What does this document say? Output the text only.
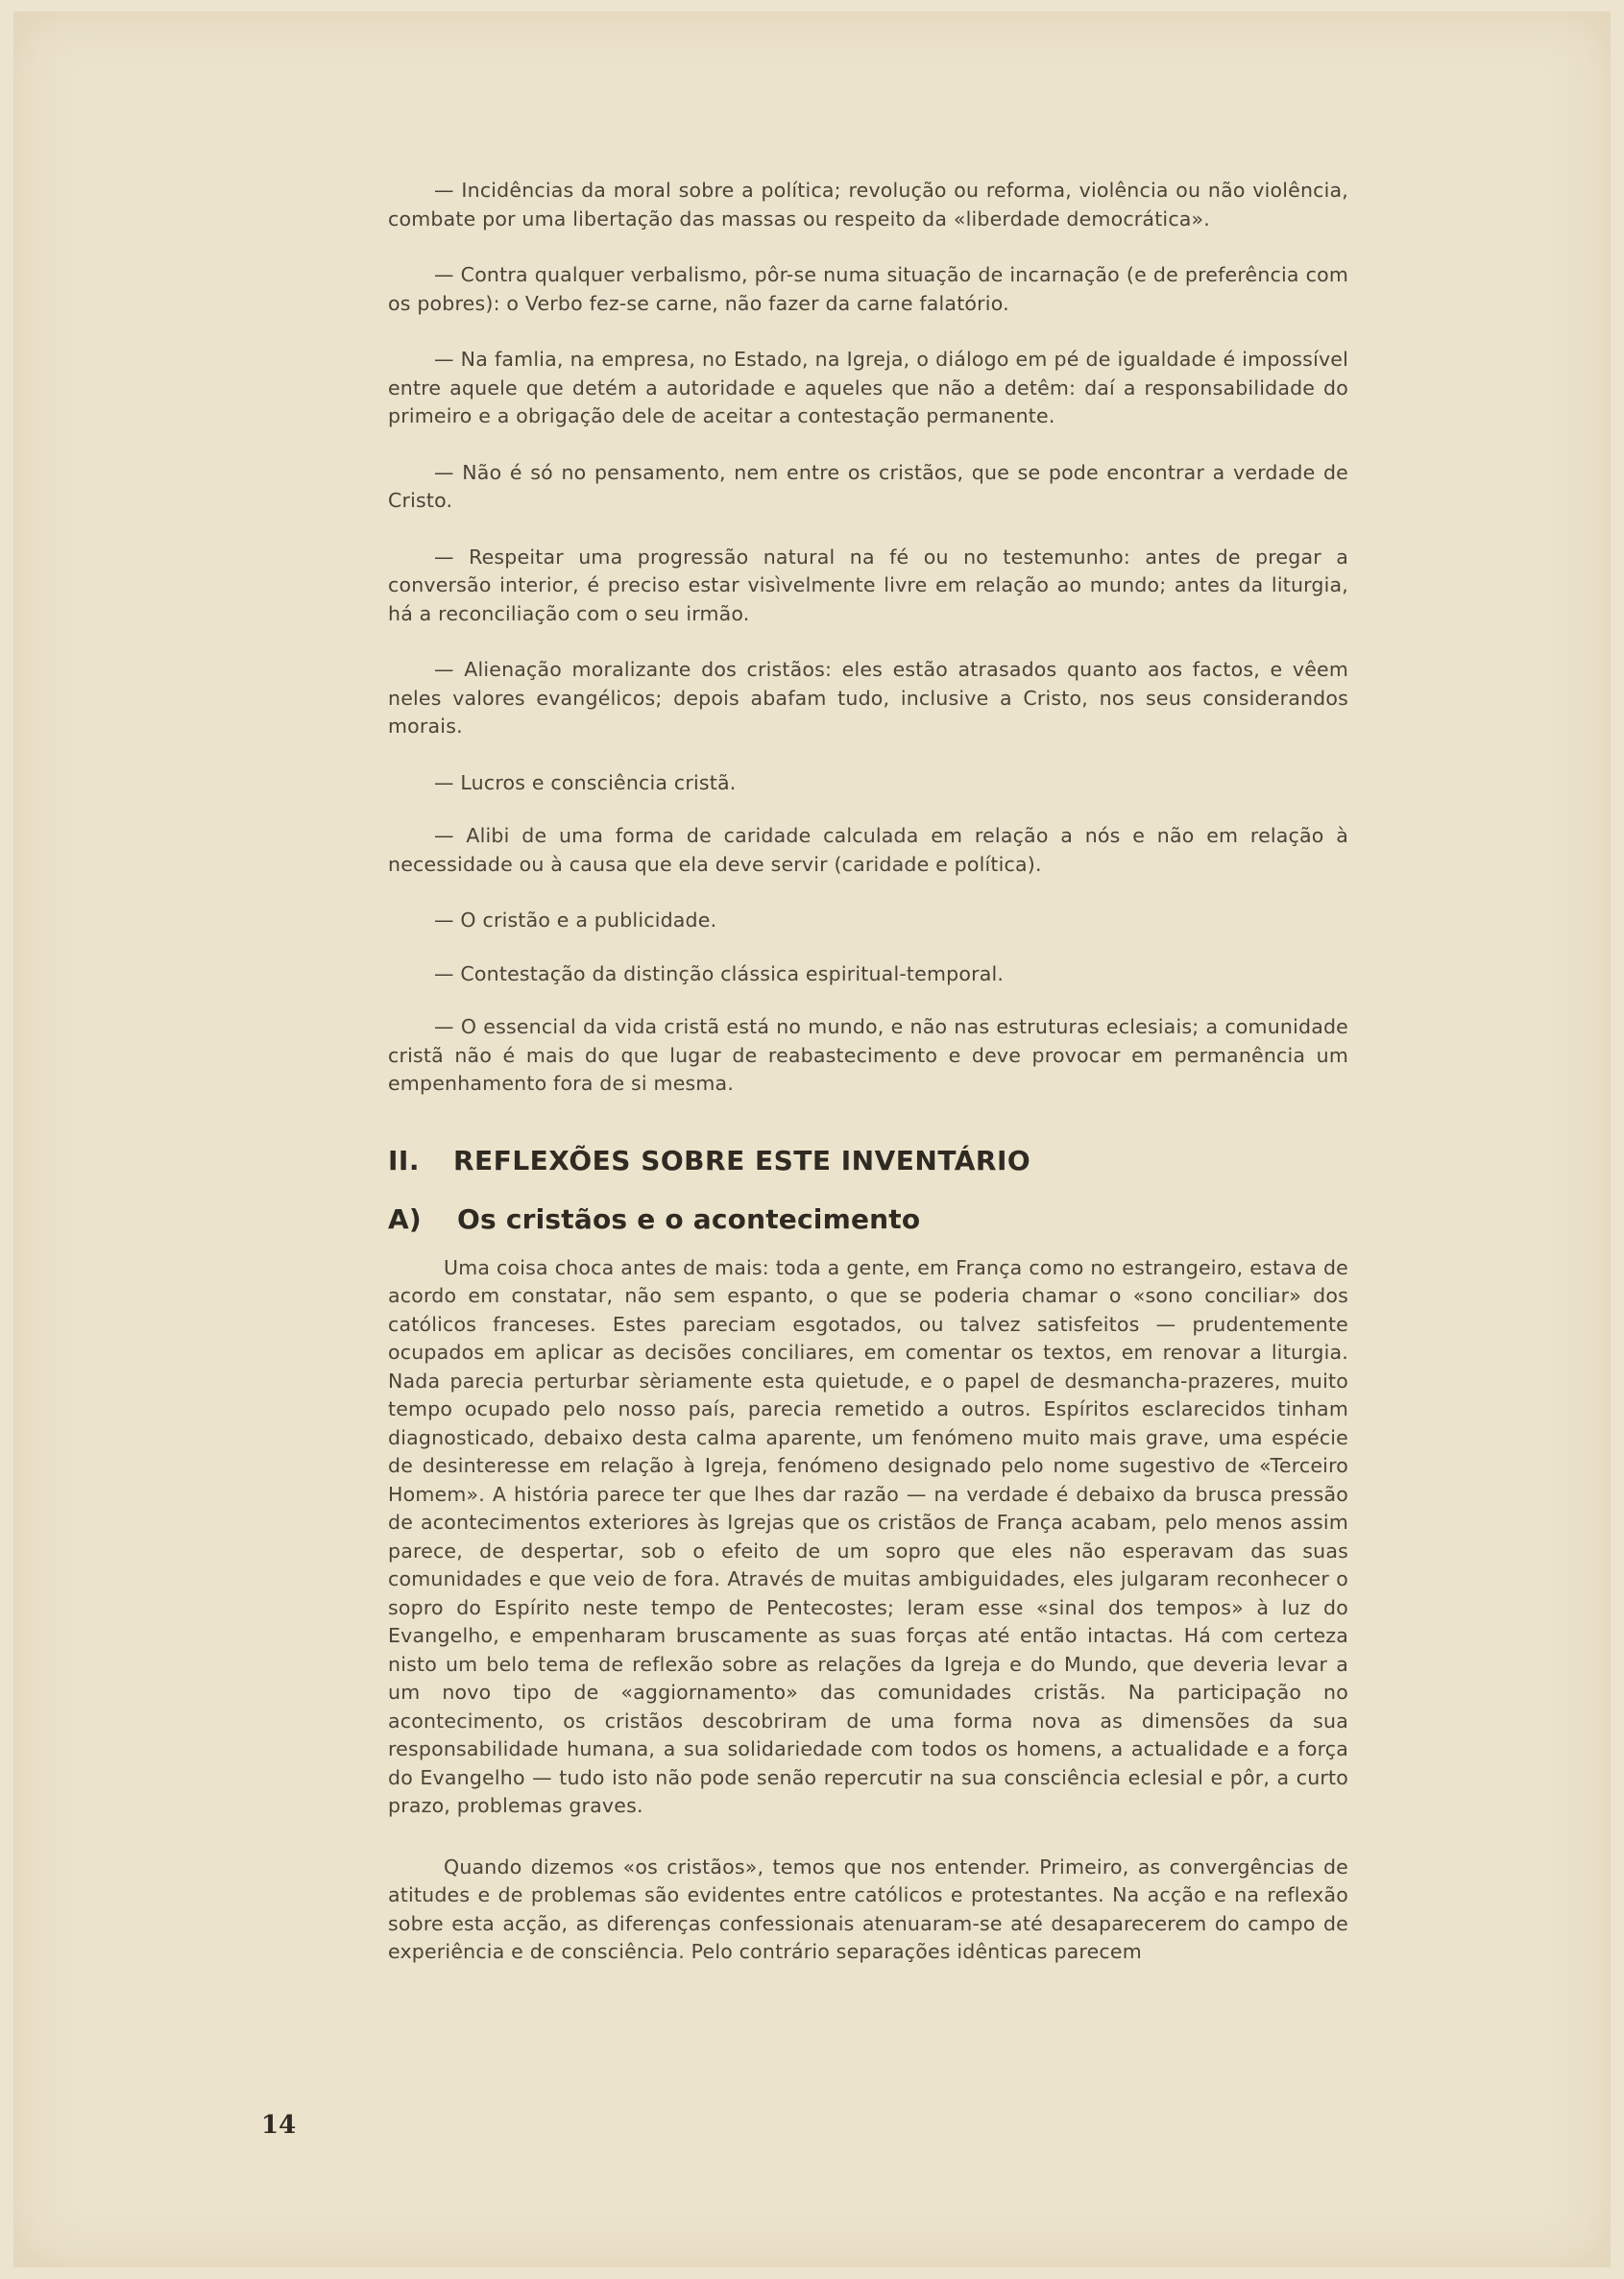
— Incidências da moral sobre a política; revolução ou reforma, violência ou não violência, combate por uma libertação das massas ou respeito da «liberdade democrática».

— Contra qualquer verbalismo, pôr-se numa situação de incarnação (e de preferência com os pobres): o Verbo fez-se carne, não fazer da carne falatório.

— Na famlia, na empresa, no Estado, na Igreja, o diálogo em pé de igualdade é impossível entre aquele que detém a autoridade e aqueles que não a detêm: daí a responsabilidade do primeiro e a obrigação dele de aceitar a contestação permanente.

— Não é só no pensamento, nem entre os cristãos, que se pode encontrar a verdade de Cristo.

— Respeitar uma progressão natural na fé ou no testemunho: antes de pregar a conversão interior, é preciso estar visìvelmente livre em relação ao mundo; antes da liturgia, há a reconciliação com o seu irmão.

— Alienação moralizante dos cristãos: eles estão atrasados quanto aos factos, e vêem neles valores evangélicos; depois abafam tudo, inclusive a Cristo, nos seus considerandos morais.

— Lucros e consciência cristã.

— Alibi de uma forma de caridade calculada em relação a nós e não em relação à necessidade ou à causa que ela deve servir (caridade e política).

— O cristão e a publicidade.

— Contestação da distinção clássica espiritual-temporal.

— O essencial da vida cristã está no mundo, e não nas estruturas eclesiais; a comunidade cristã não é mais do que lugar de reabastecimento e deve provocar em permanência um empenhamento fora de si mesma.

II. REFLEXÕES SOBRE ESTE INVENTÁRIO
A) Os cristãos e o acontecimento

Uma coisa choca antes de mais: toda a gente, em França como no estrangeiro, estava de acordo em constatar, não sem espanto, o que se poderia chamar o «sono conciliar» dos católicos franceses. Estes pareciam esgotados, ou talvez satisfeitos — prudentemente ocupados em aplicar as decisões conciliares, em comentar os textos, em renovar a liturgia. Nada parecia perturbar sèriamente esta quietude, e o papel de desmancha-prazeres, muito tempo ocupado pelo nosso país, parecia remetido a outros. Espíritos esclarecidos tinham diagnosticado, debaixo desta calma aparente, um fenómeno muito mais grave, uma espécie de desinteresse em relação à Igreja, fenómeno designado pelo nome sugestivo de «Terceiro Homem». A história parece ter que lhes dar razão — na verdade é debaixo da brusca pressão de acontecimentos exteriores às Igrejas que os cristãos de França acabam, pelo menos assim parece, de despertar, sob o efeito de um sopro que eles não esperavam das suas comunidades e que veio de fora. Através de muitas ambiguidades, eles julgaram reconhecer o sopro do Espírito neste tempo de Pentecostes; leram esse «sinal dos tempos» à luz do Evangelho, e empenharam bruscamente as suas forças até então intactas. Há com certeza nisto um belo tema de reflexão sobre as relações da Igreja e do Mundo, que deveria levar a um novo tipo de «aggiornamento» das comunidades cristãs. Na participação no acontecimento, os cristãos descobriram de uma forma nova as dimensões da sua responsabilidade humana, a sua solidariedade com todos os homens, a actualidade e a força do Evangelho — tudo isto não pode senão repercutir na sua consciência eclesial e pôr, a curto prazo, problemas graves.

Quando dizemos «os cristãos», temos que nos entender. Primeiro, as convergências de atitudes e de problemas são evidentes entre católicos e protestantes. Na acção e na reflexão sobre esta acção, as diferenças confessionais atenuaram-se até desaparecerem do campo de experiência e de consciência. Pelo contrário separações idênticas parecem

14
